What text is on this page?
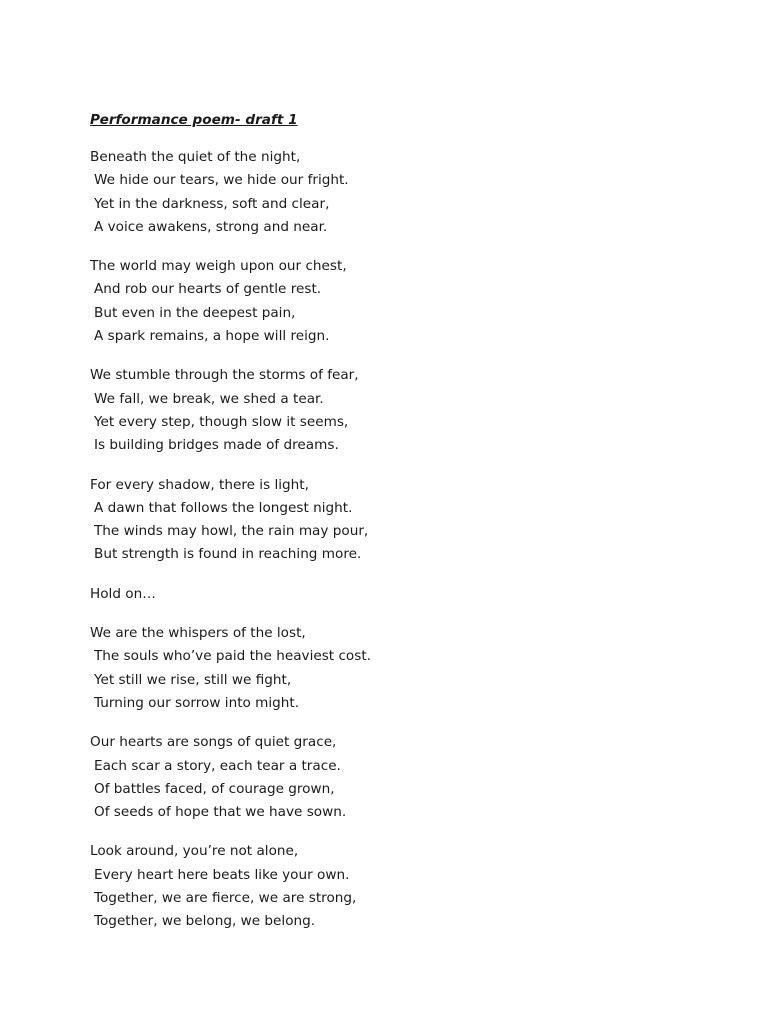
Performance poem- draft 1
Beneath the quiet of the night,
We hide our tears, we hide our fright.
Yet in the darkness, soft and clear,
A voice awakens, strong and near.
The world may weigh upon our chest,
And rob our hearts of gentle rest.
But even in the deepest pain,
A spark remains, a hope will reign.
We stumble through the storms of fear,
We fall, we break, we shed a tear.
Yet every step, though slow it seems,
Is building bridges made of dreams.
For every shadow, there is light,
A dawn that follows the longest night.
The winds may howl, the rain may pour,
But strength is found in reaching more.
Hold on…
We are the whispers of the lost,
The souls who’ve paid the heaviest cost.
Yet still we rise, still we fight,
Turning our sorrow into might.
Our hearts are songs of quiet grace,
Each scar a story, each tear a trace.
Of battles faced, of courage grown,
Of seeds of hope that we have sown.
Look around, you’re not alone,
Every heart here beats like your own.
Together, we are fierce, we are strong,
Together, we belong, we belong.
